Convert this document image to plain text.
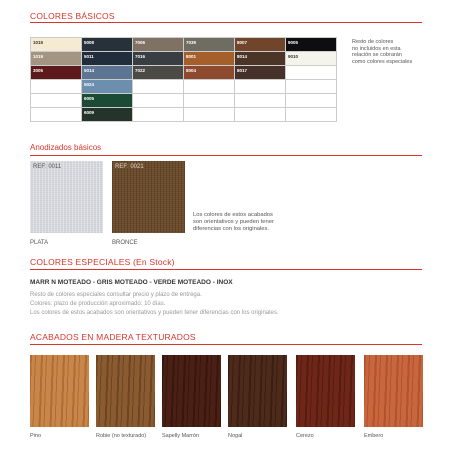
COLORES BÁSICOS
1015	5008	7006	7039	8007	9005

1019	5011	7016	8001	8014	9010

3005	5014	7022	8004	8017	

	5024				

	6005				

	6009				

Resto de colores
no incluidos en esta
relación se cobrarán
como colores especiales
Anodizados básicos
REF: 0011
PLATA
REF: 0021
BRONCE
Los colores de estos acabados
son orientativos y pueden tener
diferencias con los originales.
COLORES ESPECIALES (En Stock)
MARR N MOTEADO - GRIS MOTEADO - VERDE MOTEADO - INOX
Resto de colores especiales consultar precio y plazo de entrega.
Colores: plazo de producción aproximado: 10 días.
Los colores de estos acabados son orientativos y pueden tener diferencias con los originales.
ACABADOS EN MADERA TEXTURADOS
Pino	Robie (no texturado)	Sapelly Marrón	Nogal	Cerezo	Embero
